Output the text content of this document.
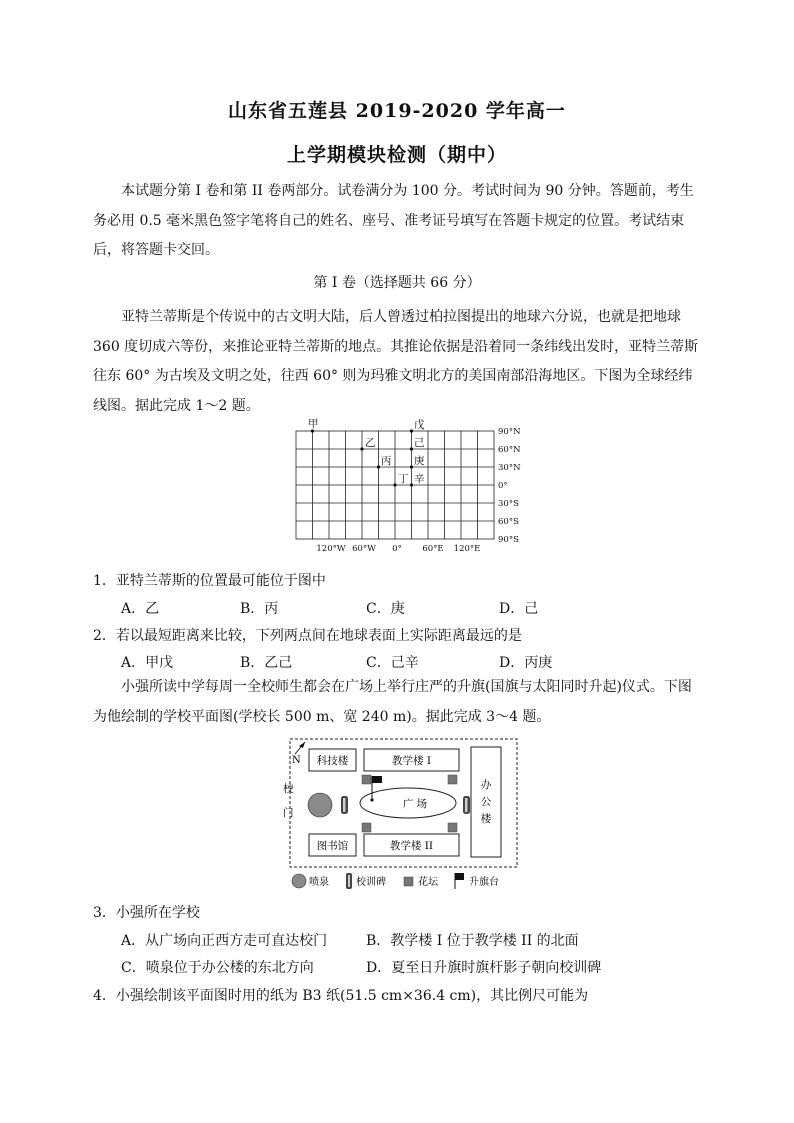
山东省五莲县 2019-2020 学年高一
上学期模块检测（期中）

本试题分第 I 卷和第 II 卷两部分。试卷满分为 100 分。考试时间为 90 分钟。答题前，考生务必用 0.5 毫米黑色签字笔将自己的姓名、座号、准考证号填写在答题卡规定的位置。考试结束后，将答题卡交回。

第 I 卷（选择题共 66 分）

亚特兰蒂斯是个传说中的古文明大陆，后人曾透过柏拉图提出的地球六分说，也就是把地球 360 度切成六等份，来推论亚特兰蒂斯的地点。其推论依据是沿着同一条纬线出发时，亚特兰蒂斯往东 60° 为古埃及文明之处，往西 60° 则为玛雅文明北方的美国南部沿海地区。下图为全球经纬线图。据此完成 1～2 题。

甲
乙
丙
丁
戊
己
庚
辛
90°N
60°N
30°N
0°
30°S
60°S
90°S
120°W 60°W 0° 60°E 120°E
1．亚特兰蒂斯的位置最可能位于图中
A．乙	B．丙	C．庚	D．己
2．若以最短距离来比较，下列两点间在地球表面上实际距离最远的是
A．甲戊	B．乙己	C．己辛	D．丙庚

小强所读中学每周一全校师生都会在广场上举行庄严的升旗(国旗与太阳同时升起)仪式。下图为他绘制的学校平面图(学校长 500 m、宽 240 m)。据此完成 3～4 题。

N
校
门
科技楼	教学楼 I
办
公
楼
广 场
图书馆	教学楼 II
喷泉	校训碑	花坛	升旗台
3．小强所在学校
A．从广场向正西方走可直达校门	B．教学楼 I 位于教学楼 II 的北面
C．喷泉位于办公楼的东北方向	D．夏至日升旗时旗杆影子朝向校训碑
4．小强绘制该平面图时用的纸为 B3 纸(51.5 cm×36.4 cm)，其比例尺可能为
